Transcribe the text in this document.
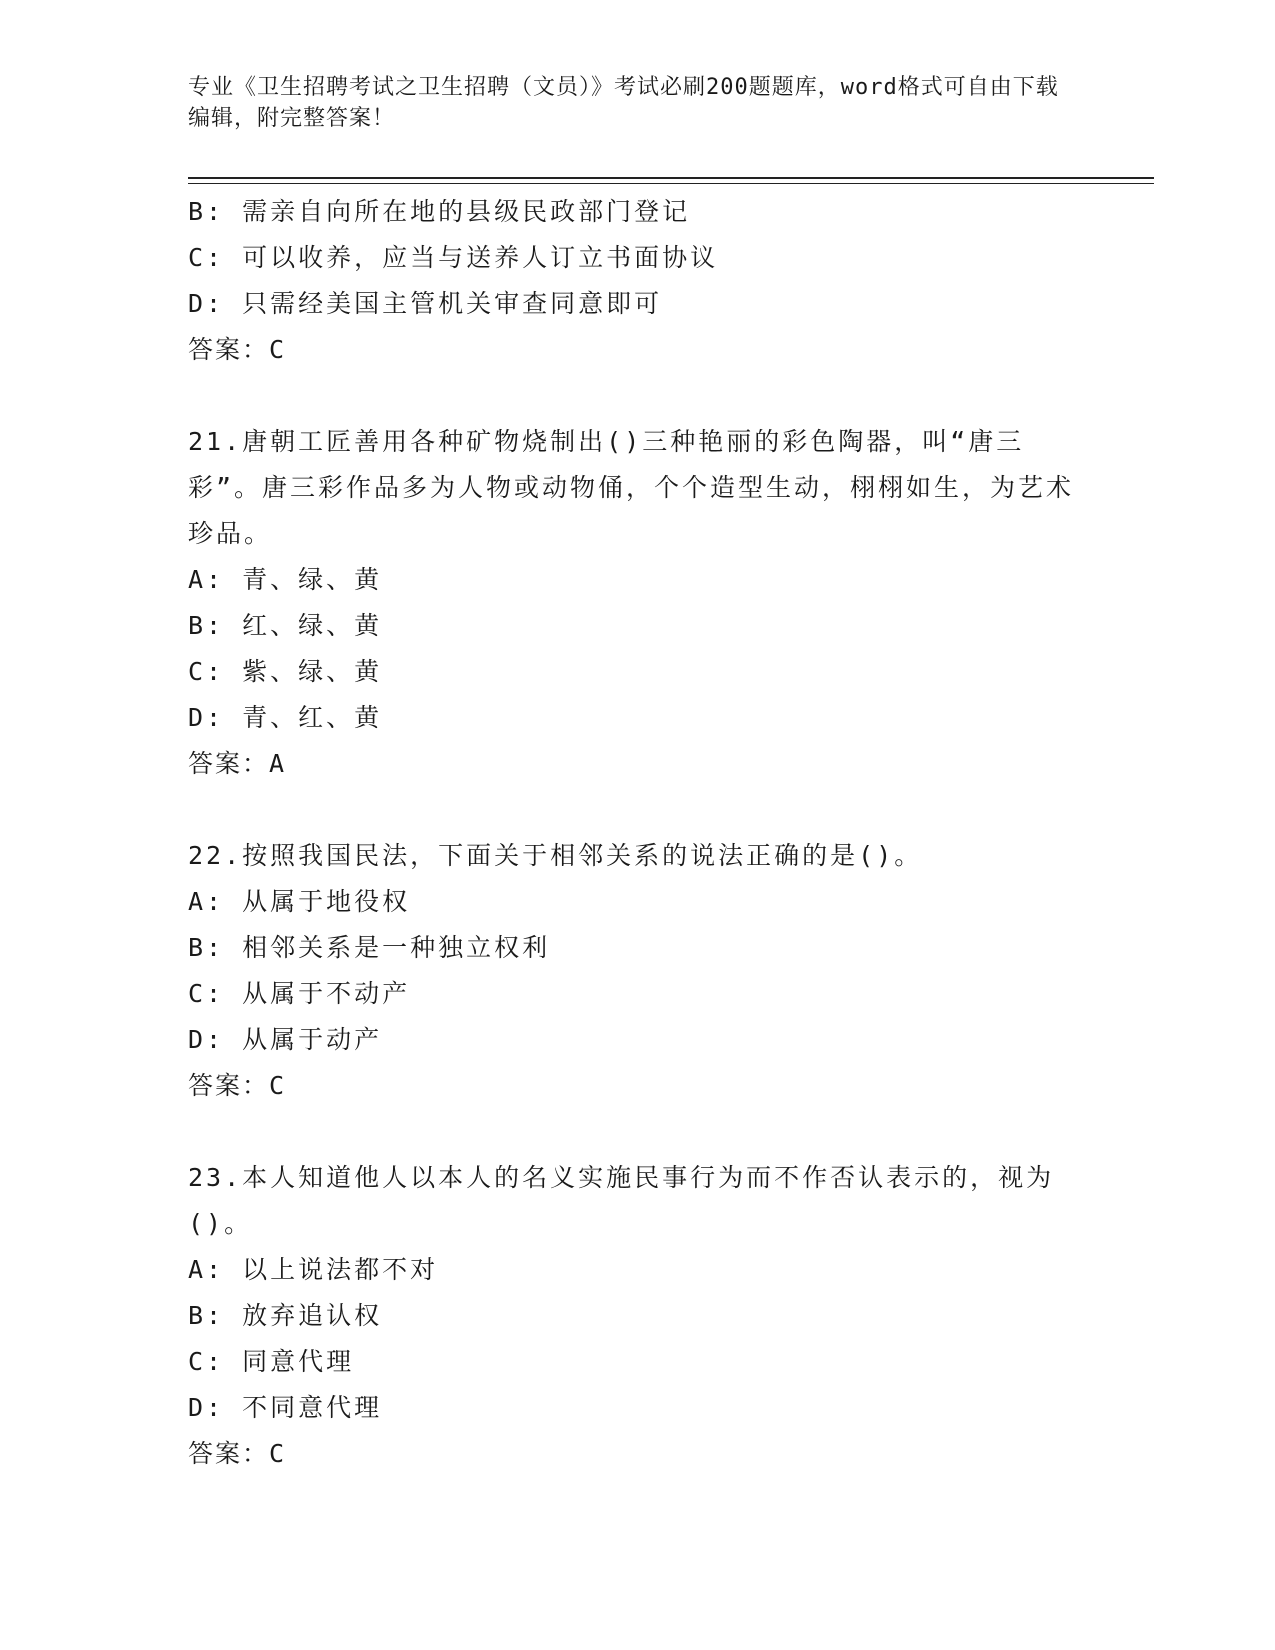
专业《卫生招聘考试之卫生招聘（文员）》考试必刷200题题库，word格式可自由下载编辑，附完整答案！

B: 需亲自向所在地的县级民政部门登记

C: 可以收养，应当与送养人订立书面协议

D: 只需经美国主管机关审查同意即可

答案：C

21.唐朝工匠善用各种矿物烧制出()三种艳丽的彩色陶器，叫“唐三彩”。唐三彩作品多为人物或动物俑，个个造型生动，栩栩如生，为艺术珍品。

A: 青、绿、黄

B: 红、绿、黄

C: 紫、绿、黄

D: 青、红、黄

答案：A

22.按照我国民法，下面关于相邻关系的说法正确的是()。

A: 从属于地役权

B: 相邻关系是一种独立权利

C: 从属于不动产

D: 从属于动产

答案：C

23.本人知道他人以本人的名义实施民事行为而不作否认表示的，视为()。

A: 以上说法都不对

B: 放弃追认权

C: 同意代理

D: 不同意代理

答案：C
